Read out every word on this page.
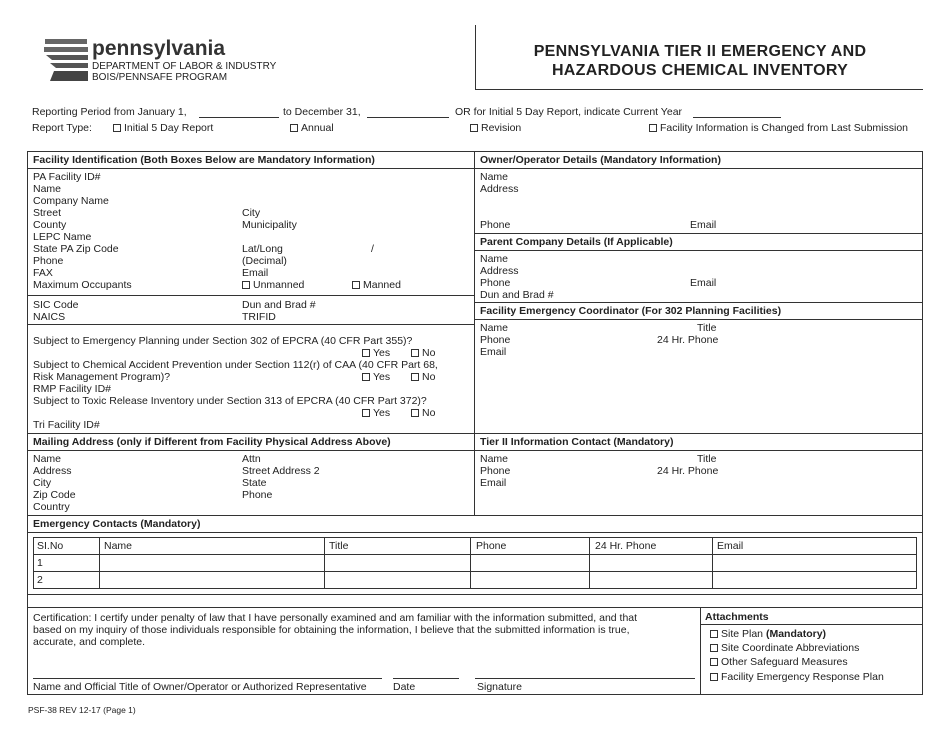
pennsylvania
DEPARTMENT OF LABOR & INDUSTRY
BOIS/PENNSAFE PROGRAM
PENNSYLVANIA TIER II EMERGENCY AND
HAZARDOUS CHEMICAL INVENTORY
Reporting Period from January 1,	to December 31,	OR for Initial 5 Day Report, indicate Current Year
Report Type:	Initial 5 Day Report	Annual	Revision	Facility Information is Changed from Last Submission
Facility Identification (Both Boxes Below are Mandatory Information)
PA Facility ID#
Name
Company Name
Street	City
County	Municipality
LEPC Name
State PA Zip Code	Lat/Long	/
Phone	(Decimal)
FAX	Email
Maximum Occupants	Unmanned	Manned
SIC Code	Dun and Brad #
NAICS	TRIFID
Subject to Emergency Planning under Section 302 of EPCRA (40 CFR Part 355)?
Yes	No
Subject to Chemical Accident Prevention under Section 112(r) of CAA (40 CFR Part 68,
Risk Management Program)?	Yes	No
RMP Facility ID#
Subject to Toxic Release Inventory under Section 313 of EPCRA (40 CFR Part 372)?
Yes	No
Tri Facility ID#
Owner/Operator Details (Mandatory Information)
Name
Address
Phone	Email
Parent Company Details (If Applicable)
Name
Address
Phone	Email
Dun and Brad #
Facility Emergency Coordinator (For 302 Planning Facilities)
Name	Title
Phone	24 Hr. Phone
Email
Mailing Address (only if Different from Facility Physical Address Above)	Tier II Information Contact (Mandatory)
Name	Attn
Address	Street Address 2
City	State
Zip Code	Phone
Country
Name	Title
Phone	24 Hr. Phone
Email
Emergency Contacts (Mandatory)
SI.No	Name	Title	Phone	24 Hr. Phone	Email
1
2
Certification: I certify under penalty of law that I have personally examined and am familiar with the information submitted, and that
based on my inquiry of those individuals responsible for obtaining the information, I believe that the submitted information is true,
accurate, and complete.
Name and Official Title of Owner/Operator or Authorized Representative	Date	Signature
Attachments
Site Plan (Mandatory)
Site Coordinate Abbreviations
Other Safeguard Measures
Facility Emergency Response Plan
PSF-38 REV 12-17 (Page 1)
